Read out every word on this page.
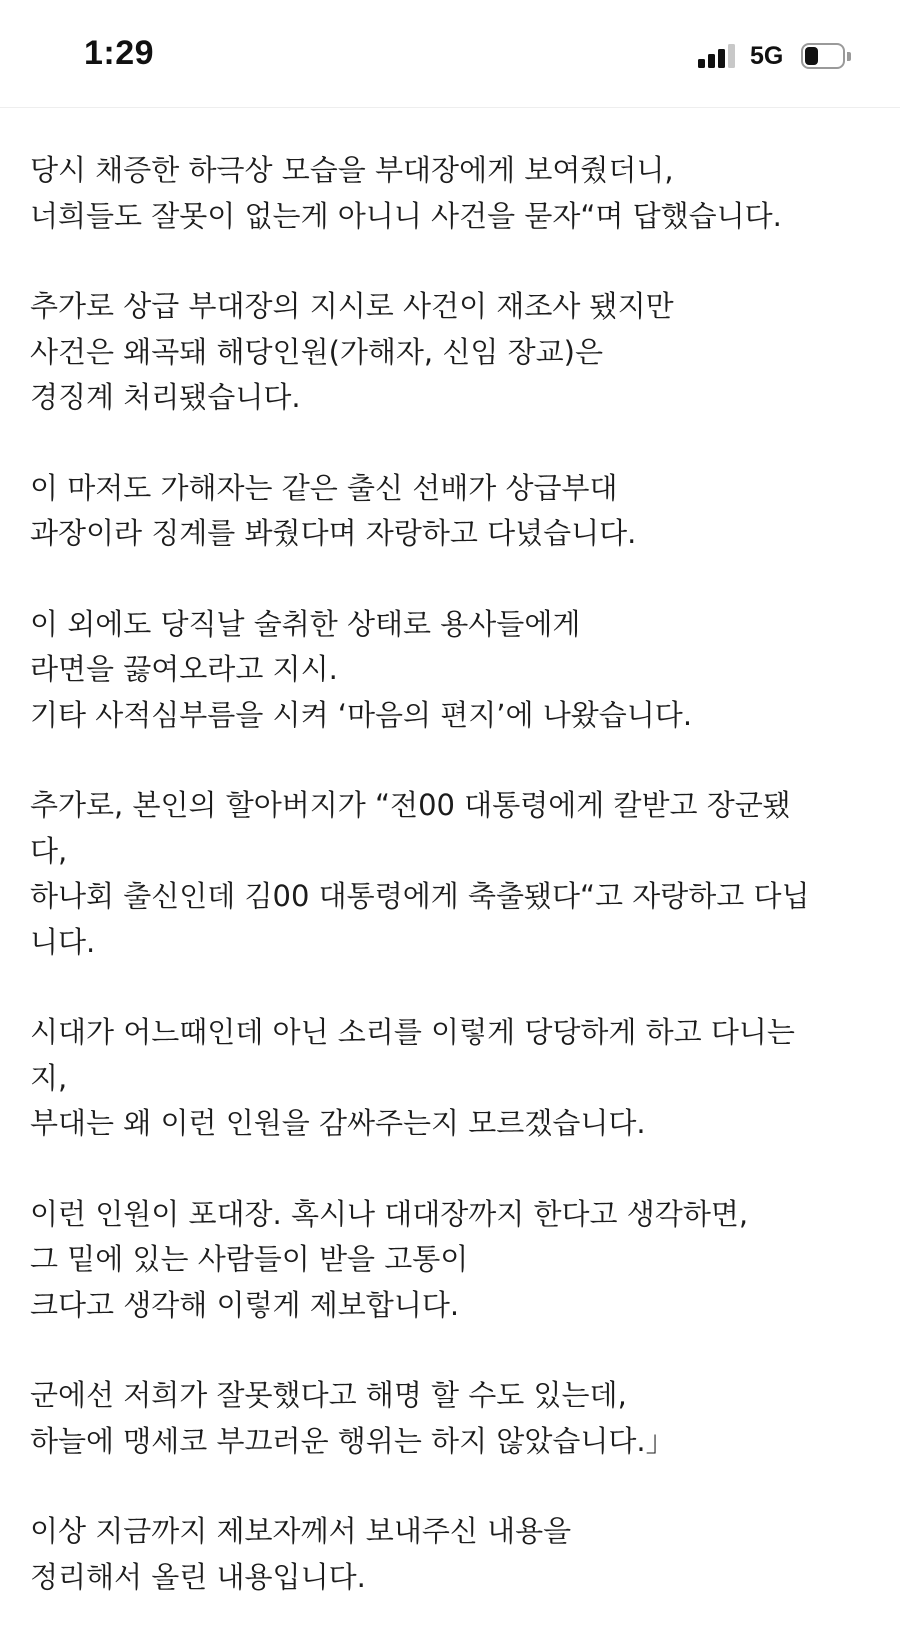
1:29	5G
당시 채증한 하극상 모습을 부대장에게 보여줬더니,
너희들도 잘못이 없는게 아니니 사건을 묻자“며 답했습니다.
추가로 상급 부대장의 지시로 사건이 재조사 됐지만
사건은 왜곡돼 해당인원(가해자, 신임 장교)은
경징계 처리됐습니다.
이 마저도 가해자는 같은 출신 선배가 상급부대
과장이라 징계를 봐줬다며 자랑하고 다녔습니다.
이 외에도 당직날 술취한 상태로 용사들에게
라면을 끓여오라고 지시.
기타 사적심부름을 시켜 ‘마음의 편지’에 나왔습니다.
추가로, 본인의 할아버지가 “전00 대통령에게 칼받고 장군됐
다,
하나회 출신인데 김00 대통령에게 축출됐다“고 자랑하고 다닙
니다.
시대가 어느때인데 아닌 소리를 이렇게 당당하게 하고 다니는
지,
부대는 왜 이런 인원을 감싸주는지 모르겠습니다.
이런 인원이 포대장. 혹시나 대대장까지 한다고 생각하면,
그 밑에 있는 사람들이 받을 고통이
크다고 생각해 이렇게 제보합니다.
군에선 저희가 잘못했다고 해명 할 수도 있는데,
하늘에 맹세코 부끄러운 행위는 하지 않았습니다.」
이상 지금까지 제보자께서 보내주신 내용을
정리해서 올린 내용입니다.
